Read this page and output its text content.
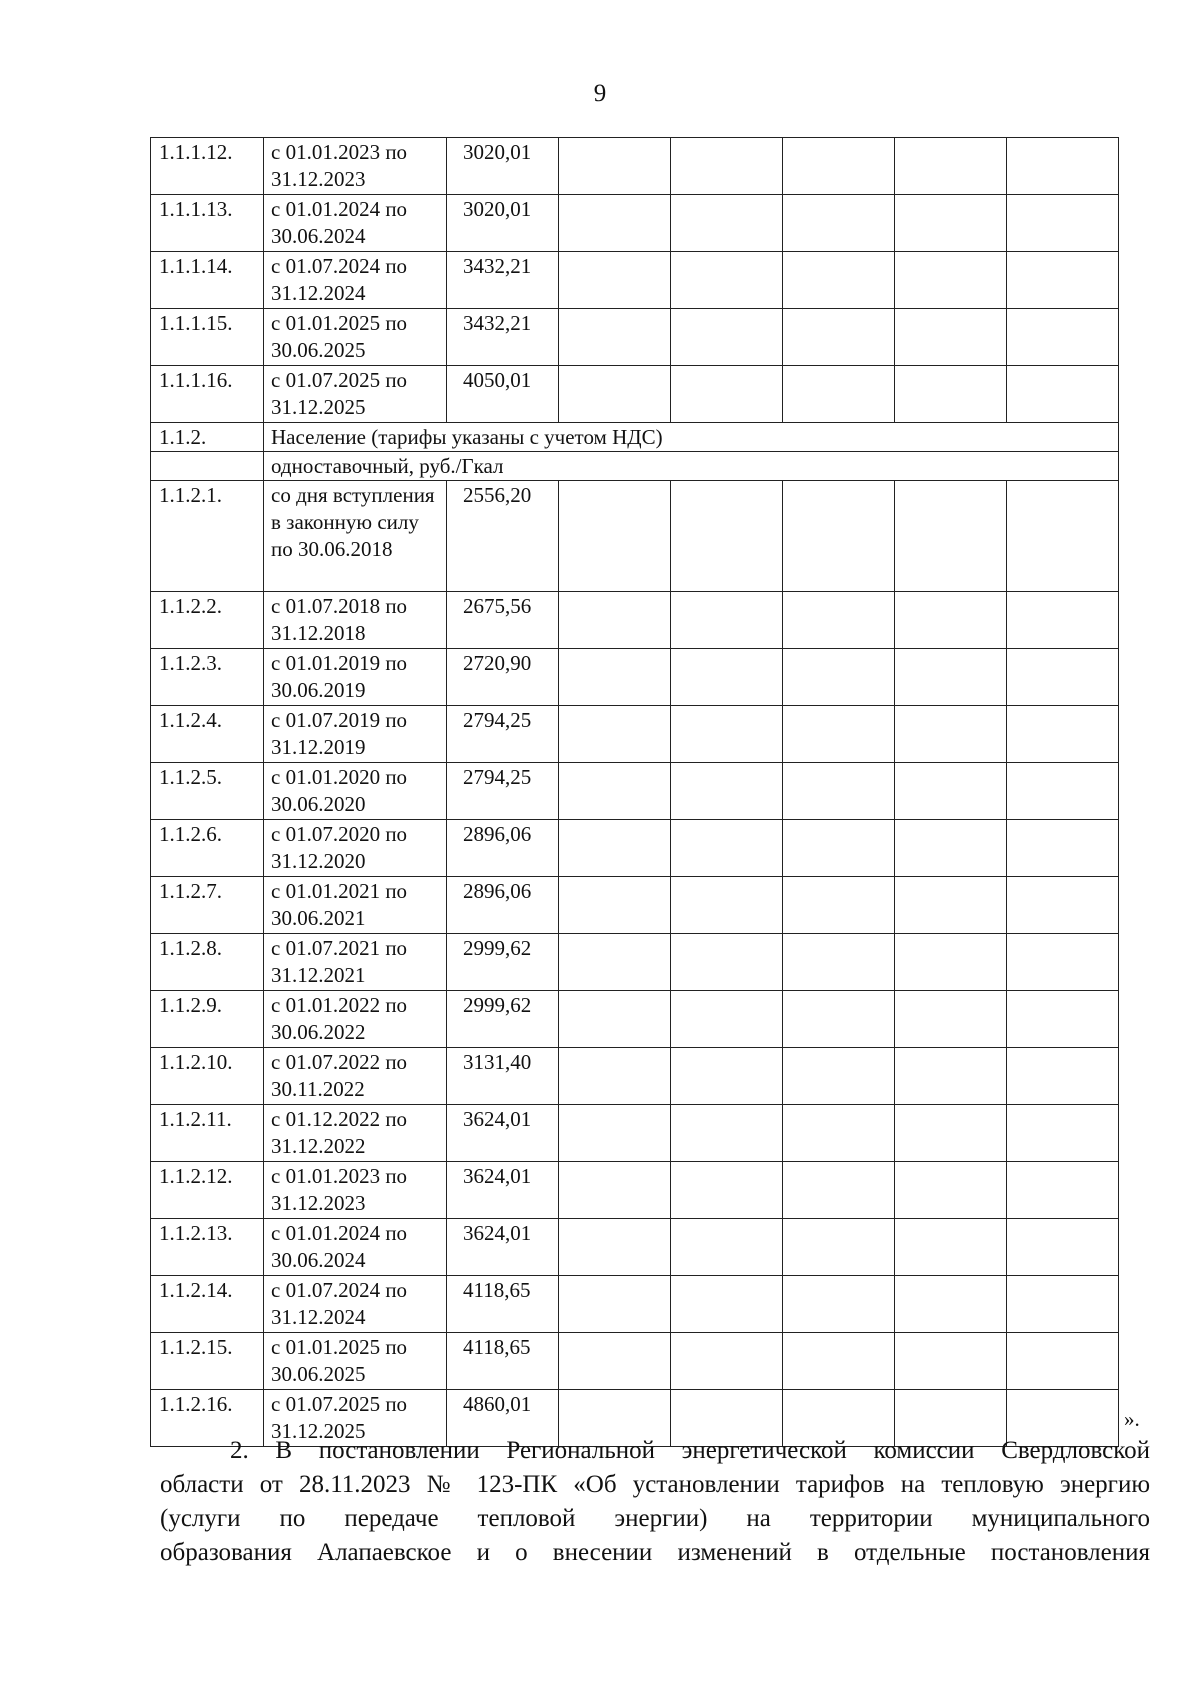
9
1.1.1.12.	с 01.01.2023 по 31.12.2023	3020,01					
1.1.1.13.	с 01.01.2024 по 30.06.2024	3020,01					
1.1.1.14.	с 01.07.2024 по 31.12.2024	3432,21					
1.1.1.15.	с 01.01.2025 по 30.06.2025	3432,21					
1.1.1.16.	с 01.07.2025 по 31.12.2025	4050,01					
1.1.2.	Население (тарифы указаны с учетом НДС)						
	одноставочный, руб./Гкал						
1.1.2.1.	со дня вступления в законную силу по 30.06.2018	2556,20					
1.1.2.2.	с 01.07.2018 по 31.12.2018	2675,56					
1.1.2.3.	с 01.01.2019 по 30.06.2019	2720,90					
1.1.2.4.	с 01.07.2019 по 31.12.2019	2794,25					
1.1.2.5.	с 01.01.2020 по 30.06.2020	2794,25					
1.1.2.6.	с 01.07.2020 по 31.12.2020	2896,06					
1.1.2.7.	с 01.01.2021 по 30.06.2021	2896,06					
1.1.2.8.	с 01.07.2021 по 31.12.2021	2999,62					
1.1.2.9.	с 01.01.2022 по 30.06.2022	2999,62					
1.1.2.10.	с 01.07.2022 по 30.11.2022	3131,40					
1.1.2.11.	с 01.12.2022 по 31.12.2022	3624,01					
1.1.2.12.	с 01.01.2023 по 31.12.2023	3624,01					
1.1.2.13.	с 01.01.2024 по 30.06.2024	3624,01					
1.1.2.14.	с 01.07.2024 по 31.12.2024	4118,65					
1.1.2.15.	с 01.01.2025 по 30.06.2025	4118,65					
1.1.2.16.	с 01.07.2025 по 31.12.2025	4860,01					
».
2. В постановлении Региональной энергетической комиссии Свердловской
области от 28.11.2023 № 123-ПК «Об установлении тарифов на тепловую энергию
(услуги по передаче тепловой энергии) на территории муниципального
образования Алапаевское и о внесении изменений в отдельные постановления
